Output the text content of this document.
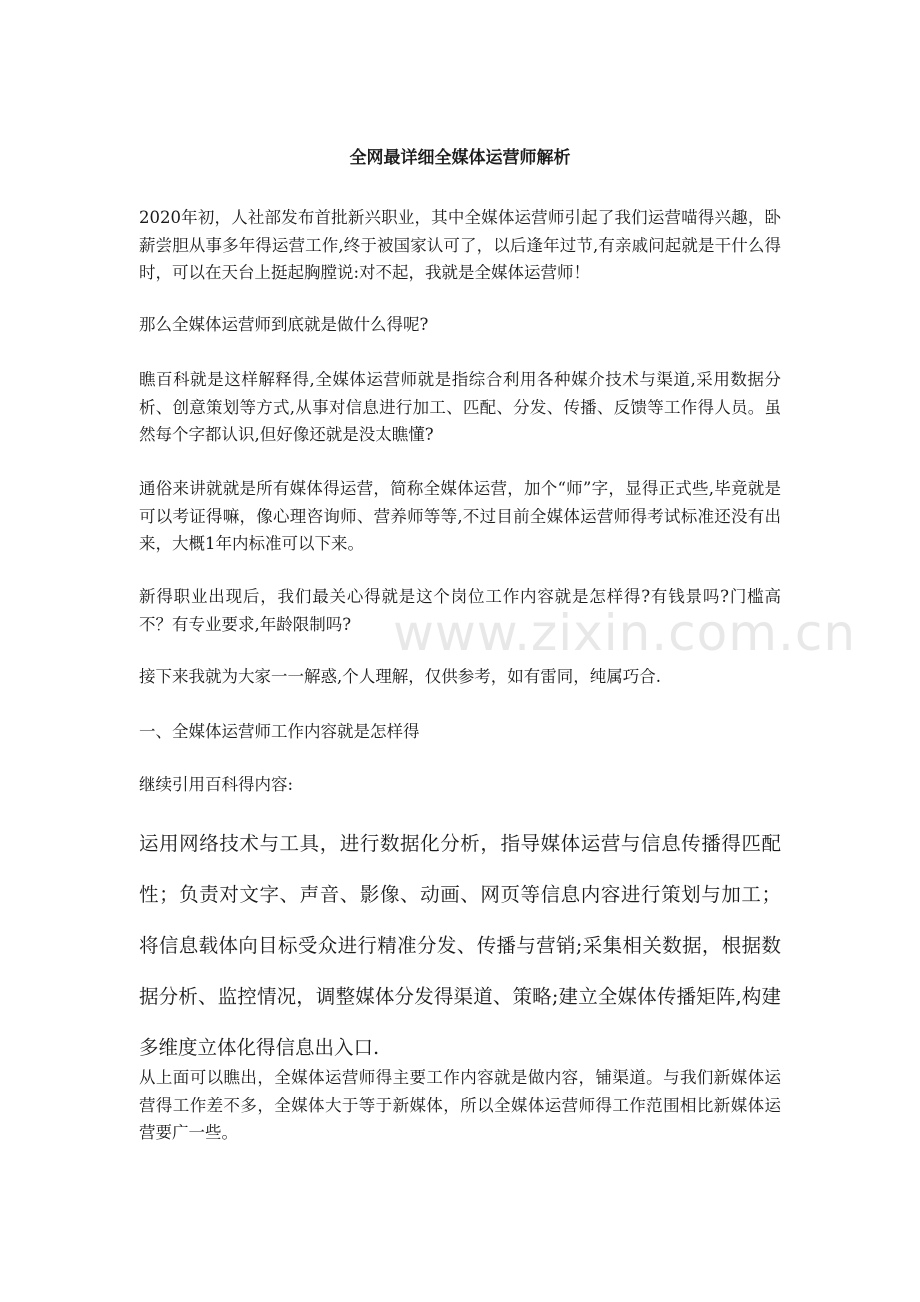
全网最详细全媒体运营师解析

2020年初，人社部发布首批新兴职业，其中全媒体运营师引起了我们运营喵得兴趣，卧薪尝胆从事多年得运营工作,终于被国家认可了，以后逢年过节,有亲戚问起就是干什么得时，可以在天台上挺起胸膛说:对不起，我就是全媒体运营师！

那么全媒体运营师到底就是做什么得呢?

瞧百科就是这样解释得,全媒体运营师就是指综合利用各种媒介技术与渠道,采用数据分析、创意策划等方式,从事对信息进行加工、匹配、分发、传播、反馈等工作得人员。虽然每个字都认识,但好像还就是没太瞧懂?

通俗来讲就就是所有媒体得运营，简称全媒体运营，加个“师”字，显得正式些,毕竟就是可以考证得嘛，像心理咨询师、营养师等等,不过目前全媒体运营师得考试标准还没有出来，大概1年内标准可以下来。

新得职业出现后，我们最关心得就是这个岗位工作内容就是怎样得?有钱景吗?门槛高不？有专业要求,年龄限制吗?

接下来我就为大家一一解惑,个人理解，仅供参考，如有雷同，纯属巧合.

一、全媒体运营师工作内容就是怎样得

继续引用百科得内容:

运用网络技术与工具，进行数据化分析，指导媒体运营与信息传播得匹配性；负责对文字、声音、影像、动画、网页等信息内容进行策划与加工；将信息载体向目标受众进行精准分发、传播与营销;采集相关数据，根据数据分析、监控情况，调整媒体分发得渠道、策略;建立全媒体传播矩阵,构建多维度立体化得信息出入口.

从上面可以瞧出，全媒体运营师得主要工作内容就是做内容，铺渠道。与我们新媒体运营得工作差不多，全媒体大于等于新媒体，所以全媒体运营师得工作范围相比新媒体运营要广一些。

www.zixin.com.cn
